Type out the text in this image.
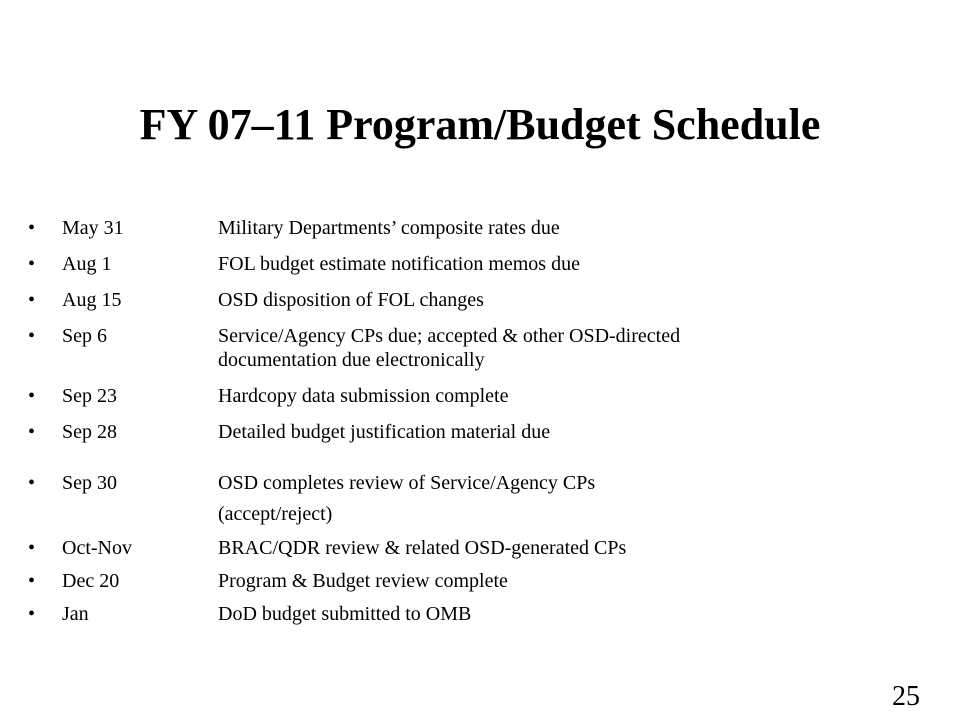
FY 07–11 Program/Budget Schedule
• May 31	Military Departments’ composite rates due
• Aug 1	FOL budget estimate notification memos due
• Aug 15	OSD disposition of FOL changes
• Sep 6	Service/Agency CPs due; accepted & other OSD-directed
documentation due electronically
• Sep 23	Hardcopy data submission complete
• Sep 28	Detailed budget justification material due
• Sep 30	OSD completes review of Service/Agency CPs
(accept/reject)
• Oct-Nov	BRAC/QDR review & related OSD-generated CPs
• Dec 20	Program & Budget review complete
• Jan	DoD budget submitted to OMB
25
